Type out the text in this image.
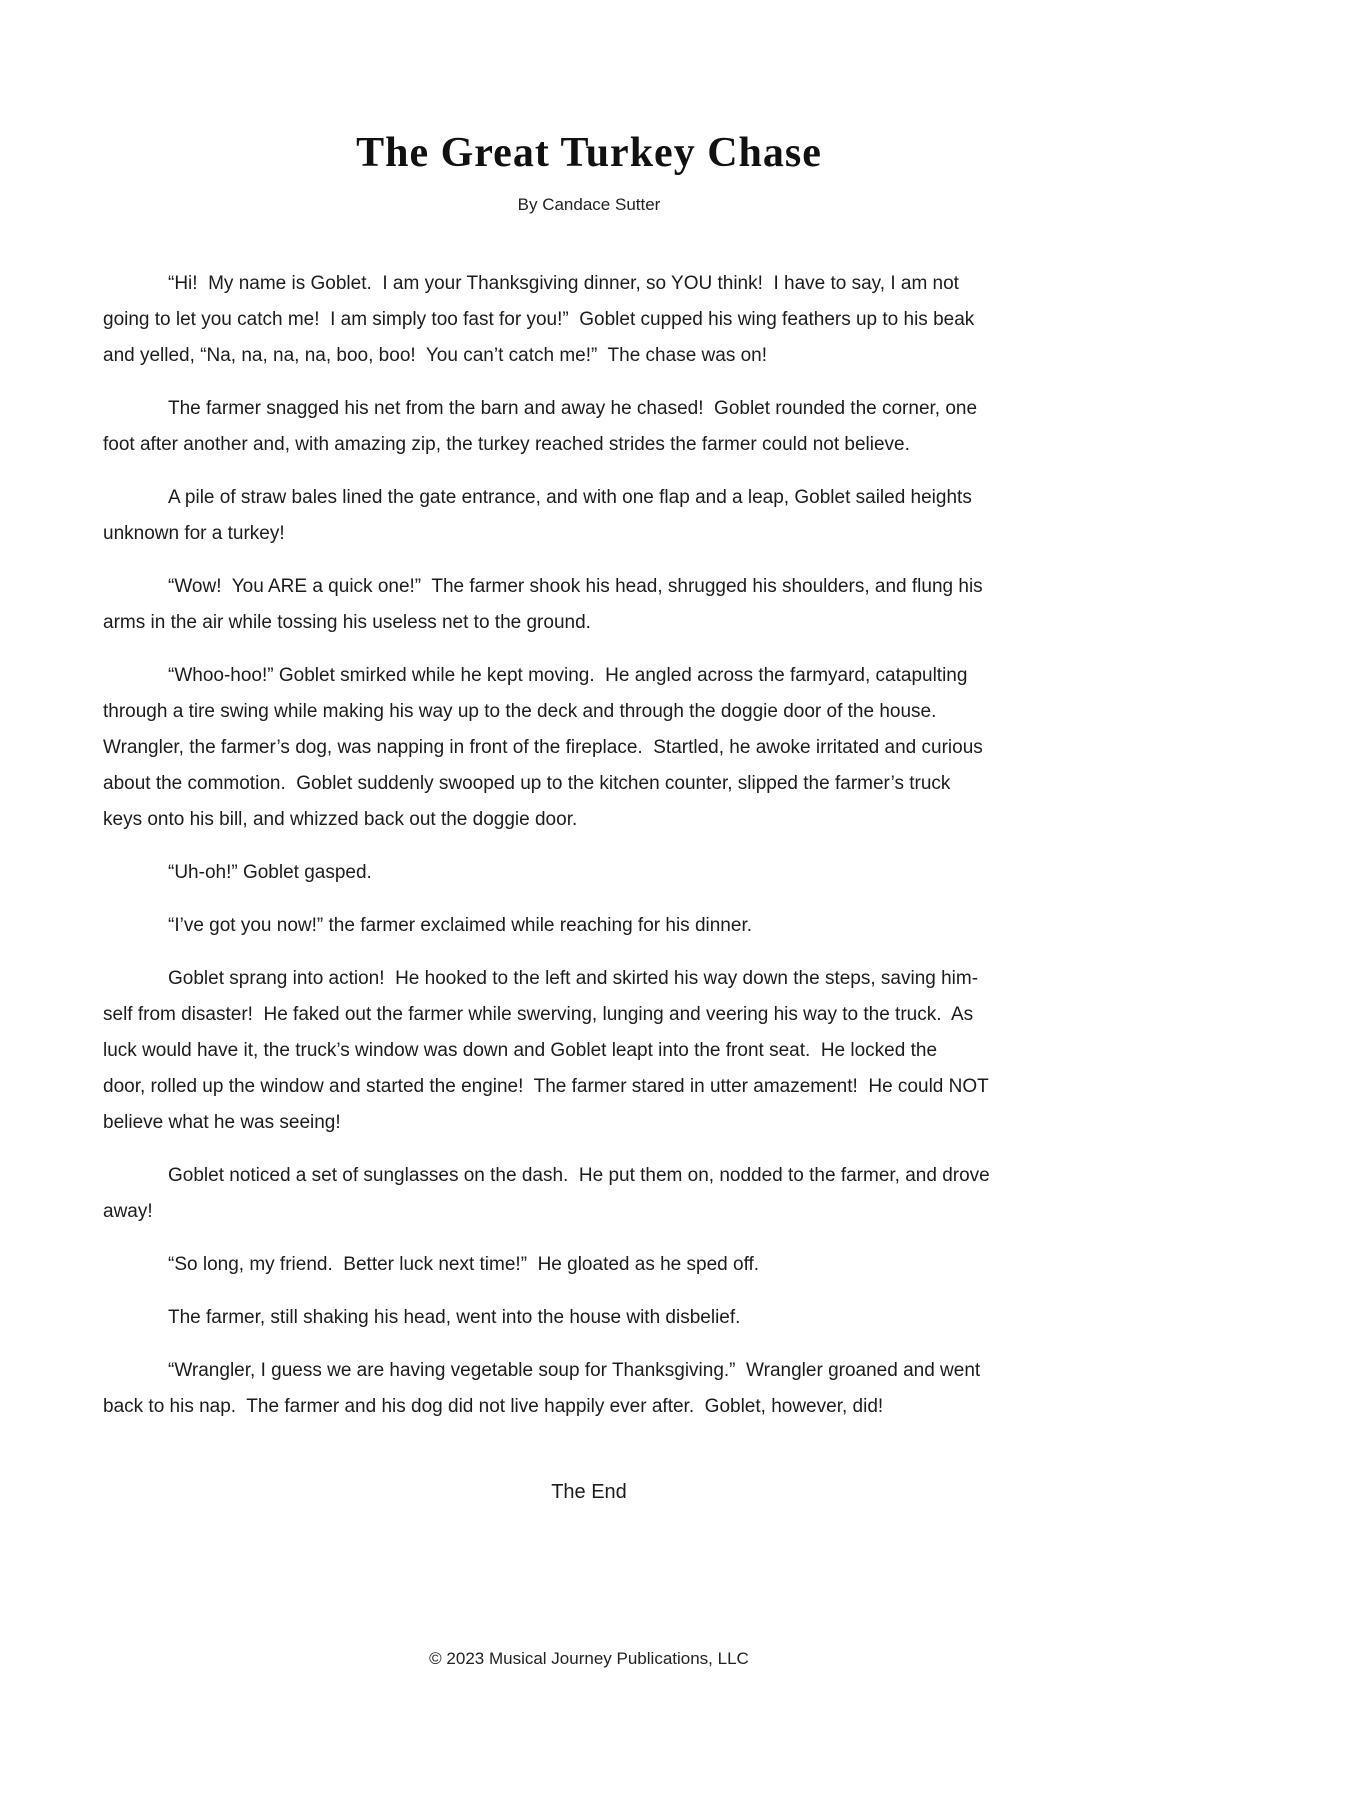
The Great Turkey Chase
By Candace Sutter
“Hi!  My name is Goblet.  I am your Thanksgiving dinner, so YOU think!  I have to say, I am not
going to let you catch me!  I am simply too fast for you!”  Goblet cupped his wing feathers up to his beak
and yelled, “Na, na, na, na, boo, boo!  You can’t catch me!”  The chase was on!
The farmer snagged his net from the barn and away he chased!  Goblet rounded the corner, one
foot after another and, with amazing zip, the turkey reached strides the farmer could not believe.
A pile of straw bales lined the gate entrance, and with one flap and a leap, Goblet sailed heights
unknown for a turkey!
“Wow!  You ARE a quick one!”  The farmer shook his head, shrugged his shoulders, and flung his
arms in the air while tossing his useless net to the ground.
“Whoo-hoo!” Goblet smirked while he kept moving.  He angled across the farmyard, catapulting
through a tire swing while making his way up to the deck and through the doggie door of the house.
Wrangler, the farmer’s dog, was napping in front of the fireplace.  Startled, he awoke irritated and curious
about the commotion.  Goblet suddenly swooped up to the kitchen counter, slipped the farmer’s truck
keys onto his bill, and whizzed back out the doggie door.
“Uh-oh!” Goblet gasped.
“I’ve got you now!” the farmer exclaimed while reaching for his dinner.
Goblet sprang into action!  He hooked to the left and skirted his way down the steps, saving him-
self from disaster!  He faked out the farmer while swerving, lunging and veering his way to the truck.  As
luck would have it, the truck’s window was down and Goblet leapt into the front seat.  He locked the
door, rolled up the window and started the engine!  The farmer stared in utter amazement!  He could NOT
believe what he was seeing!
Goblet noticed a set of sunglasses on the dash.  He put them on, nodded to the farmer, and drove
away!
“So long, my friend.  Better luck next time!”  He gloated as he sped off.
The farmer, still shaking his head, went into the house with disbelief.
“Wrangler, I guess we are having vegetable soup for Thanksgiving.”  Wrangler groaned and went
back to his nap.  The farmer and his dog did not live happily ever after.  Goblet, however, did!
The End
© 2023 Musical Journey Publications, LLC
